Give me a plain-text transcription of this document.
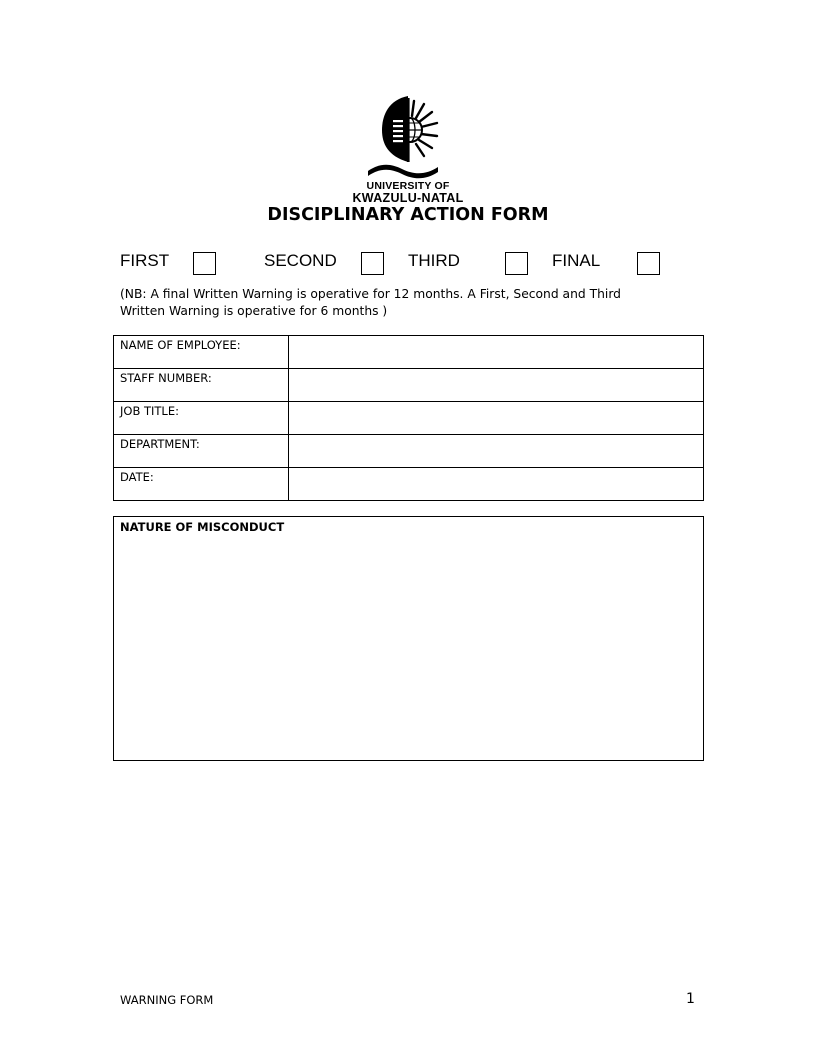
UNIVERSITY OF
KWAZULU-NATAL
DISCIPLINARY ACTION FORM
FIRST	SECOND	THIRD	FINAL
(NB: A final Written Warning is operative for 12 months. A First, Second and Third
Written Warning is operative for 6 months )
NAME OF EMPLOYEE:	
STAFF NUMBER:	
JOB TITLE:	
DEPARTMENT:	
DATE:	
NATURE OF MISCONDUCT
WARNING FORM	1
